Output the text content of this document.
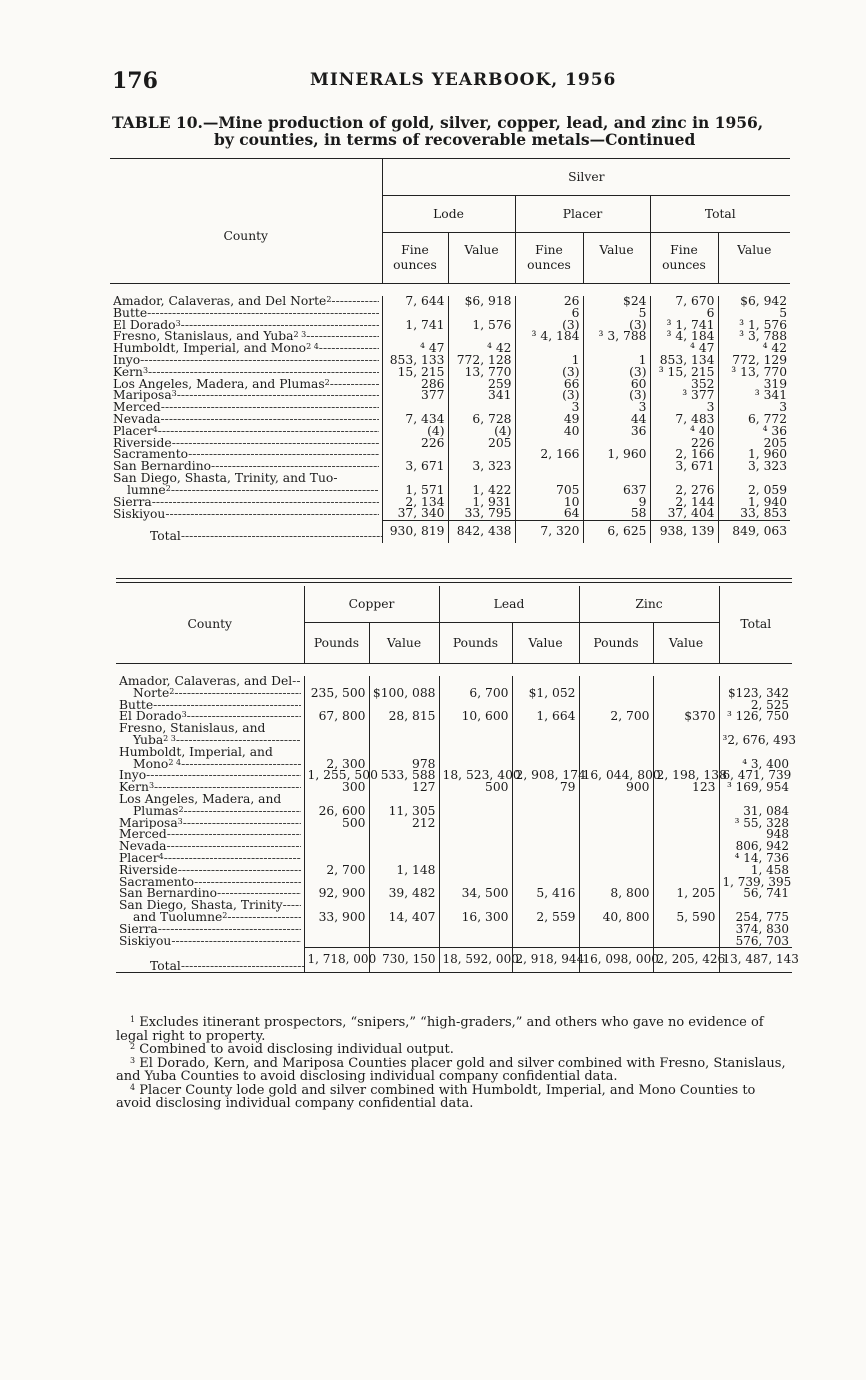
176	MINERALS YEARBOOK, 1956
TABLE 10.—Mine production of gold, silver, copper, lead, and zinc in 1956,
by counties, in terms of recoverable metals—Continued
County	Silver					
	Lode		Placer		Total	
	Fine ounces	Value	Fine ounces	Value	Fine ounces	Value

Amador, Calaveras, and Del Norte$^2$ -----	7, 644	$6, 918	26	$24	7, 670	$6, 942

Butte -----			6	5	6	5

El Dorado$^3$ -----	1, 741	1, 576	(3)	(3)	³ 1, 741	³ 1, 576

Fresno, Stanislaus, and Yuba$^{2 3}$ -----			³ 4, 184	³ 3, 788	³ 4, 184	³ 3, 788

Humboldt, Imperial, and Mono$^{2 4}$ -----	⁴ 47	⁴ 42			⁴ 47	⁴ 42

Inyo -----	853, 133	772, 128	1	1	853, 134	772, 129

Kern$^3$ -----	15, 215	13, 770	(3)	(3)	³ 15, 215	³ 13, 770

Los Angeles, Madera, and Plumas$^2$ -----	286	259	66	60	352	319

Mariposa$^3$ -----	377	341	(3)	(3)	³ 377	³ 341

Merced -----			3	3	3	3

Nevada -----	7, 434	6, 728	49	44	7, 483	6, 772

Placer$^4$ -----	(4)	(4)	40	36	⁴ 40	⁴ 36

Riverside -----	226	205			226	205

Sacramento -----			2, 166	1, 960	2, 166	1, 960

San Bernardino -----	3, 671	3, 323			3, 671	3, 323

San Diego, Shasta, Trinity, and Tuo-						

lumne$^2$ -----	1, 571	1, 422	705	637	2, 276	2, 059

Sierra -----	2, 134	1, 931	10	9	2, 144	1, 940

Siskiyou -----	37, 340	33, 795	64	58	37, 404	33, 853
Total -----	930, 819	842, 438	7, 320	6, 625	938, 139	849, 063
County	Copper		Lead		Zinc		Total
	Pounds	Value	Pounds	Value	Pounds	Value	

Amador, Calaveras, and Del -----

Norte$^2$ -----	235, 500	$100, 088	6, 700	$1, 052			$123, 342

Butte -----							2, 525

El Dorado$^3$ -----	67, 800	28, 815	10, 600	1, 664	2, 700	$370	³ 126, 750

Fresno, Stanislaus, and							

Yuba$^{2 3}$ -----							³2, 676, 493

Humboldt, Imperial, and							

Mono$^{2 4}$ -----	2, 300	978					⁴ 3, 400

Inyo -----	1, 255, 500	533, 588	18, 523, 400	2, 908, 174	16, 044, 800	2, 198, 138	6, 471, 739

Kern$^3$ -----	300	127	500	79	900	123	³ 169, 954

Los Angeles, Madera, and							

Plumas$^2$ -----	26, 600	11, 305					31, 084

Mariposa$^3$ -----	500	212					³ 55, 328

Merced -----							948

Nevada -----							806, 942

Placer$^4$ -----							⁴ 14, 736

Riverside -----	2, 700	1, 148					1, 458

Sacramento -----							1, 739, 395

San Bernardino -----	92, 900	39, 482	34, 500	5, 416	8, 800	1, 205	56, 741

San Diego, Shasta, Trinity -----

and Tuolumne$^2$ -----	33, 900	14, 407	16, 300	2, 559	40, 800	5, 590	254, 775

Sierra -----							374, 830

Siskiyou -----							576, 703
Total -----	1, 718, 000	730, 150	18, 592, 000	2, 918, 944	16, 098, 000	2, 205, 426	13, 487, 143

$^1$ Excludes itinerant prospectors, “snipers,” “high-graders,” and others who gave no evidence of legal right to property.

$^2$ Combined to avoid disclosing individual output.

$^3$ El Dorado, Kern, and Mariposa Counties placer gold and silver combined with Fresno, Stanislaus, and Yuba Counties to avoid disclosing individual company confidential data.

$^4$ Placer County lode gold and silver combined with Humboldt, Imperial, and Mono Counties to avoid disclosing individual company confidential data.
